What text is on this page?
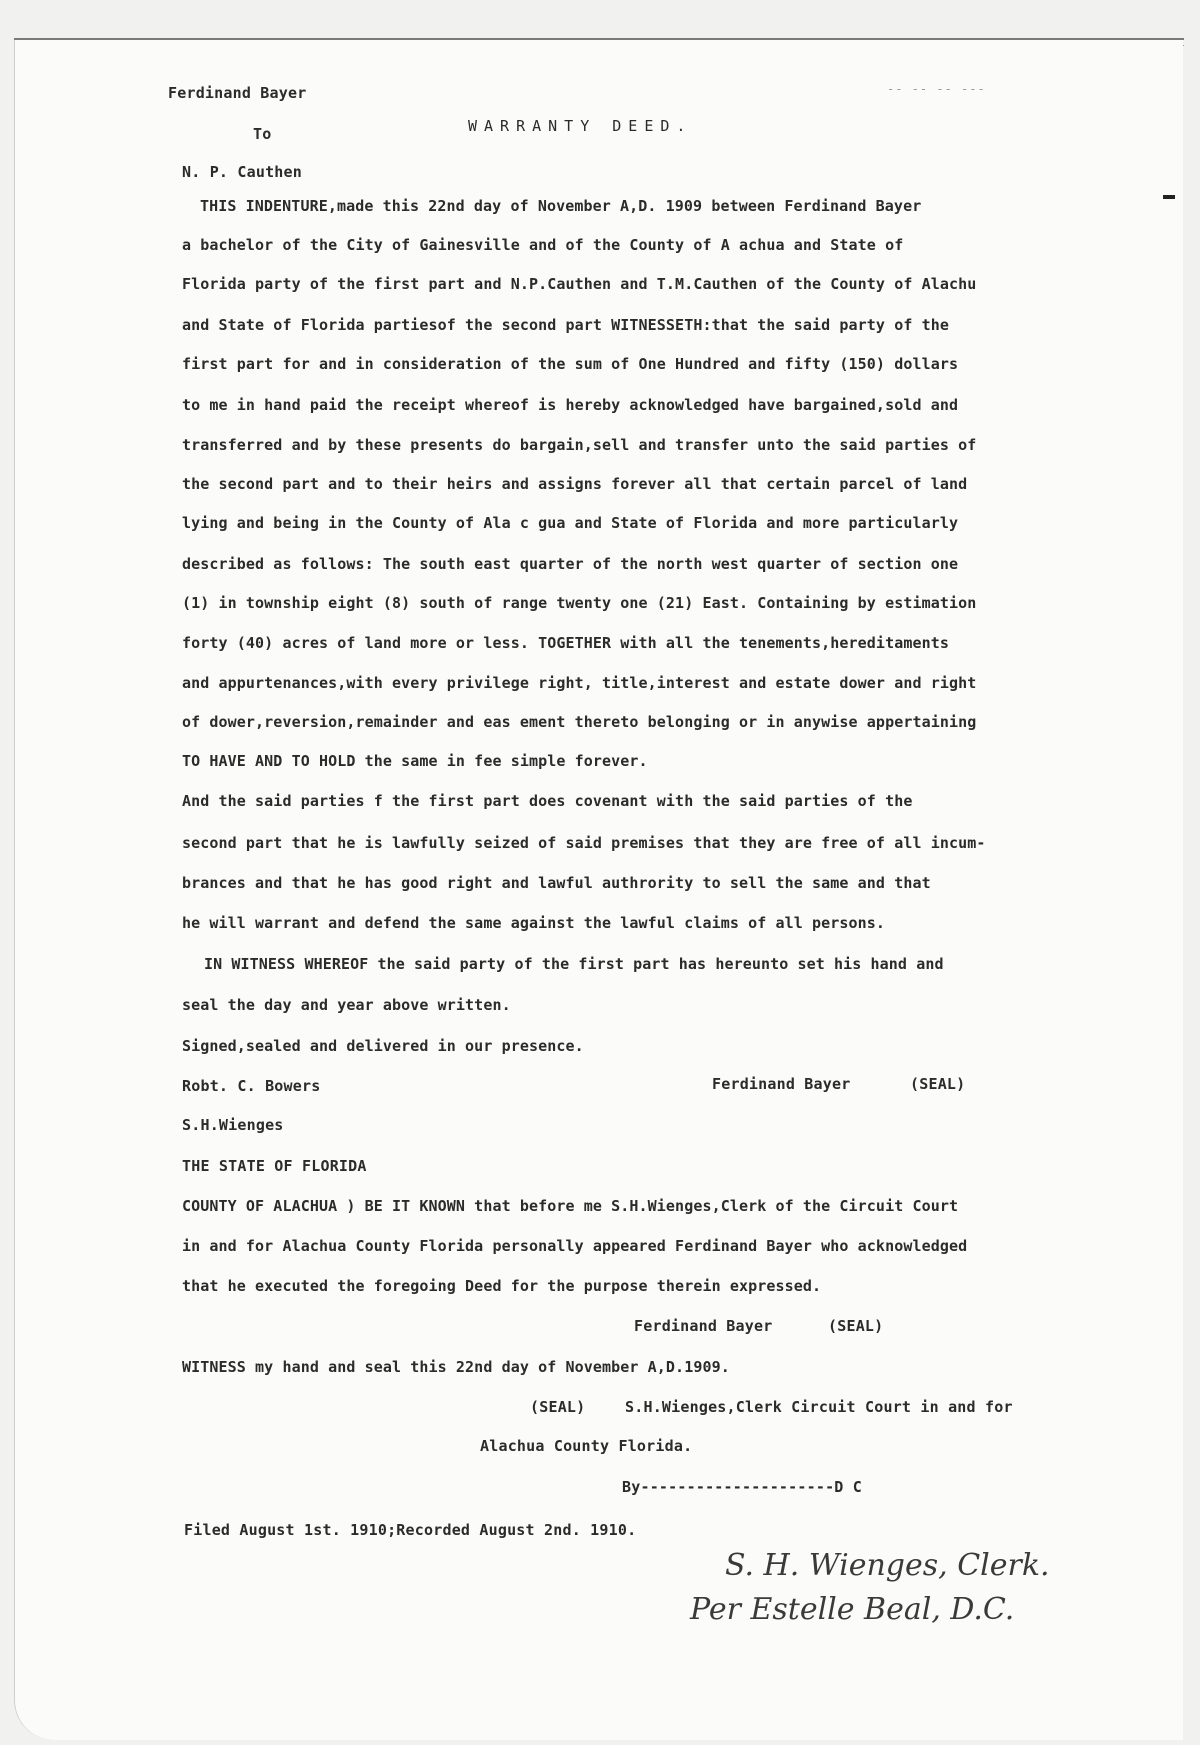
-- -- -- ---
Ferdinand Bayer
To	WARRANTY DEED.
N. P. Cauthen
THIS INDENTURE,made this 22nd day of November A,D. 1909 between Ferdinand Bayer
a bachelor of the City of Gainesville and of the County of A achua and State of
Florida party of the first part and N.P.Cauthen and T.M.Cauthen of the County of Alachu
and State of Florida partiesof the second part WITNESSETH:that the said party of the
first part for and in consideration of the sum of One Hundred and fifty (150) dollars
to me in hand paid the receipt whereof is hereby acknowledged have bargained,sold and
transferred and by these presents do bargain,sell and transfer unto the said parties of
the second part and to their heirs and assigns forever all that certain parcel of land
lying and being in the County of Ala c gua and State of Florida and more particularly
described as follows: The south east quarter of the north west quarter of section one
(1) in township eight (8) south of range twenty one (21) East. Containing by estimation
forty (40) acres of land more or less. TOGETHER with all the tenements,hereditaments
and appurtenances,with every privilege right, title,interest and estate dower and right
of dower,reversion,remainder and eas ement thereto belonging or in anywise appertaining
TO HAVE AND TO HOLD the same in fee simple forever.
And the said parties f the first part does covenant with the said parties of the
second part that he is lawfully seized of said premises that they are free of all incum-
brances and that he has good right and lawful authrority to sell the same and that
he will warrant and defend the same against the lawful claims of all persons.
IN WITNESS WHEREOF the said party of the first part has hereunto set his hand and
seal the day and year above written.
Signed,sealed and delivered in our presence.
Robt. C. Bowers	Ferdinand Bayer	(SEAL)
S.H.Wienges
THE STATE OF FLORIDA
COUNTY OF ALACHUA ) BE IT KNOWN that before me S.H.Wienges,Clerk of the Circuit Court
in and for Alachua County Florida personally appeared Ferdinand Bayer who acknowledged
that he executed the foregoing Deed for the purpose therein expressed.
Ferdinand Bayer	(SEAL)
WITNESS my hand and seal this 22nd day of November A,D.1909.
(SEAL)	S.H.Wienges,Clerk Circuit Court in and for
Alachua County Florida.
By---------------------D C
Filed August 1st. 1910;Recorded August 2nd. 1910.
S. H. Wienges, Clerk.
Per Estelle Beal, D.C.
